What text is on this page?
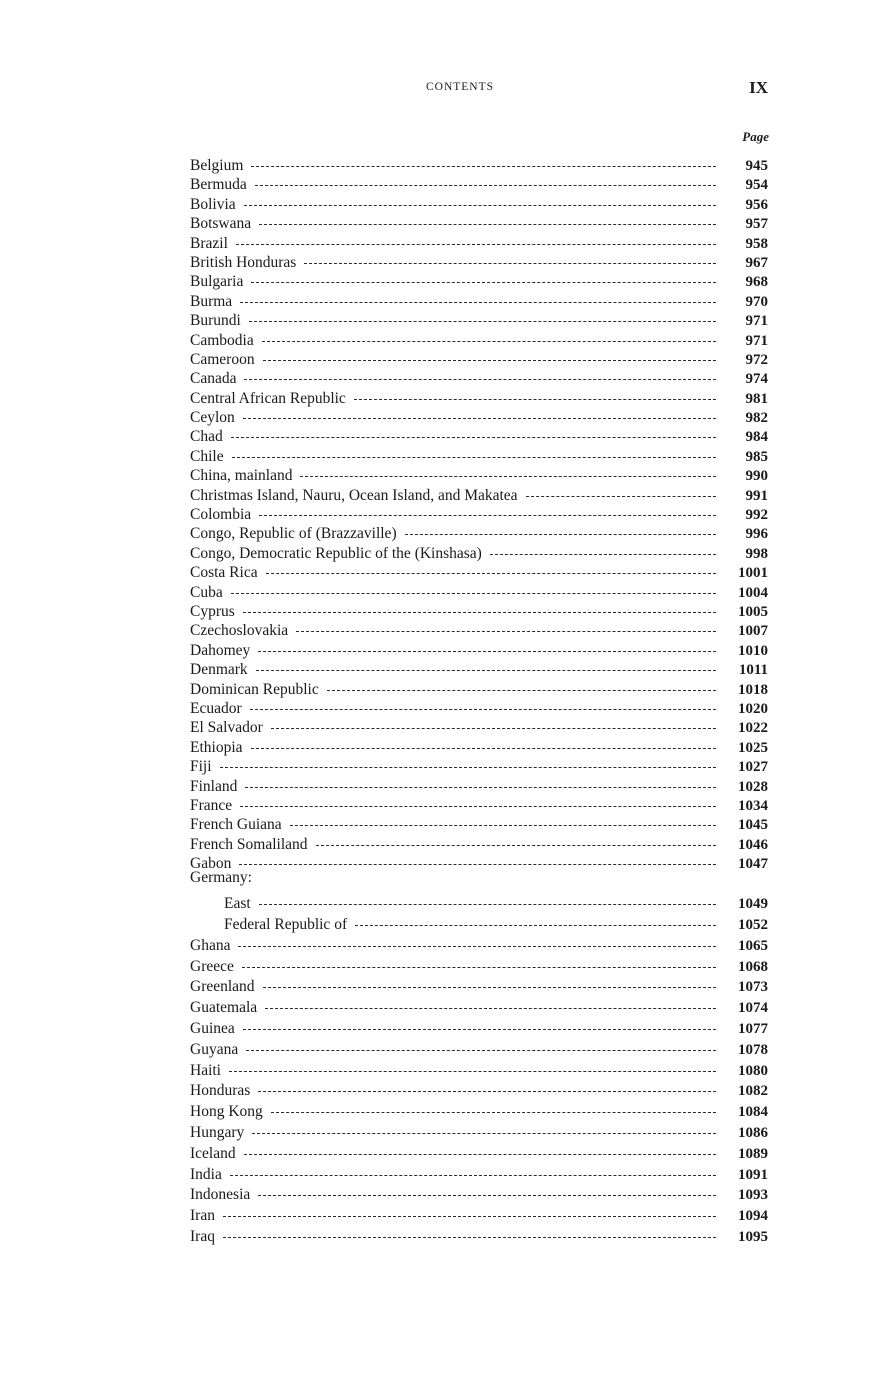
CONTENTS	IX
Page
Belgium	945
Bermuda	954
Bolivia	956
Botswana	957
Brazil	958
British Honduras	967
Bulgaria	968
Burma	970
Burundi	971
Cambodia	971
Cameroon	972
Canada	974
Central African Republic	981
Ceylon	982
Chad	984
Chile	985
China, mainland	990
Christmas Island, Nauru, Ocean Island, and Makatea	991
Colombia	992
Congo, Republic of (Brazzaville)	996
Congo, Democratic Republic of the (Kinshasa)	998
Costa Rica	1001
Cuba	1004
Cyprus	1005
Czechoslovakia	1007
Dahomey	1010
Denmark	1011
Dominican Republic	1018
Ecuador	1020
El Salvador	1022
Ethiopia	1025
Fiji	1027
Finland	1028
France	1034
French Guiana	1045
French Somaliland	1046
Gabon	1047
Germany:
East	1049
Federal Republic of	1052
Ghana	1065
Greece	1068
Greenland	1073
Guatemala	1074
Guinea	1077
Guyana	1078
Haiti	1080
Honduras	1082
Hong Kong	1084
Hungary	1086
Iceland	1089
India	1091
Indonesia	1093
Iran	1094
Iraq	1095
